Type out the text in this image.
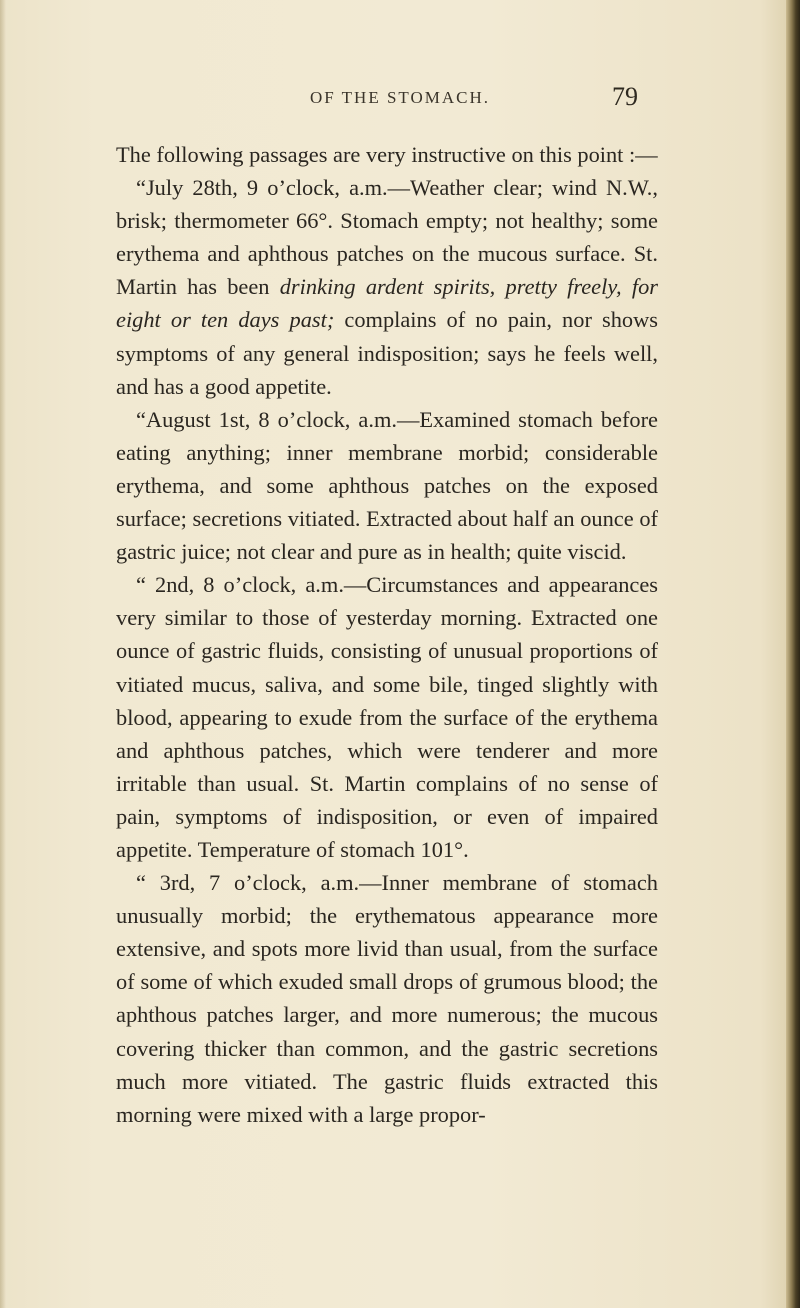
OF THE STOMACH.	79

The following passages are very instructive on this point :—

“July 28th, 9 o’clock, a.m.—Weather clear; wind N.W., brisk; thermometer 66°. Stomach empty; not healthy; some erythema and aphthous patches on the mucous surface. St. Martin has been drinking ardent spirits, pretty freely, for eight or ten days past; complains of no pain, nor shows symptoms of any general indisposition; says he feels well, and has a good appetite.

“August 1st, 8 o’clock, a.m.—Examined stomach before eating anything; inner membrane morbid; considerable erythema, and some aphthous patches on the exposed surface; secretions vitiated. Extracted about half an ounce of gastric juice; not clear and pure as in health; quite viscid.

“ 2nd, 8 o’clock, a.m.—Circumstances and appearances very similar to those of yesterday morning. Extracted one ounce of gastric fluids, consisting of unusual proportions of vitiated mucus, saliva, and some bile, tinged slightly with blood, appearing to exude from the surface of the erythema and aphthous patches, which were tenderer and more irritable than usual. St. Martin complains of no sense of pain, symptoms of indisposition, or even of impaired appetite. Temperature of stomach 101°.

“ 3rd, 7 o’clock, a.m.—Inner membrane of stomach unusually morbid; the erythematous appearance more extensive, and spots more livid than usual, from the surface of some of which exuded small drops of grumous blood; the aphthous patches larger, and more numerous; the mucous covering thicker than common, and the gastric secretions much more vitiated. The gastric fluids extracted this morning were mixed with a large propor-
